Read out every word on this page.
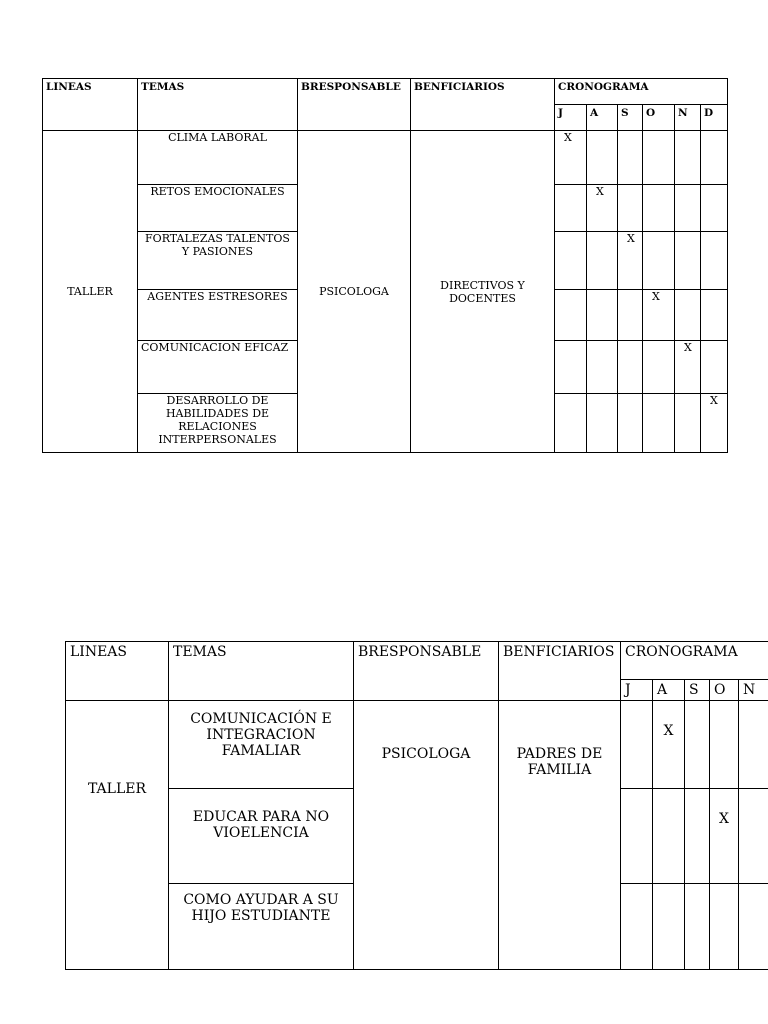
LINEAS	TEMAS	BRESPONSABLE	BENFICIARIOS	CRONOGRAMA					
				J	A	S	O	N	D
TALLER	CLIMA LABORAL	PSICOLOGA	DIRECTIVOS Y DOCENTES	X					
	RETOS EMOCIONALES				X				
	FORTALEZAS TALENTOS Y PASIONES					X			
	AGENTES ESTRESORES						X		
	COMUNICACION EFICAZ							X	
	DESARROLLO DE HABILIDADES DE RELACIONES INTERPERSONALES								X
LINEAS	TEMAS	BRESPONSABLE	BENFICIARIOS	CRONOGRAMA				
				J	A	S	O	N
TALLER	COMUNICACIÓN E INTEGRACION FAMALIAR	PSICOLOGA	PADRES DE FAMILIA		X			
	EDUCAR PARA NO VIOELENCIA						X	
	COMO AYUDAR A SU HIJO ESTUDIANTE							
